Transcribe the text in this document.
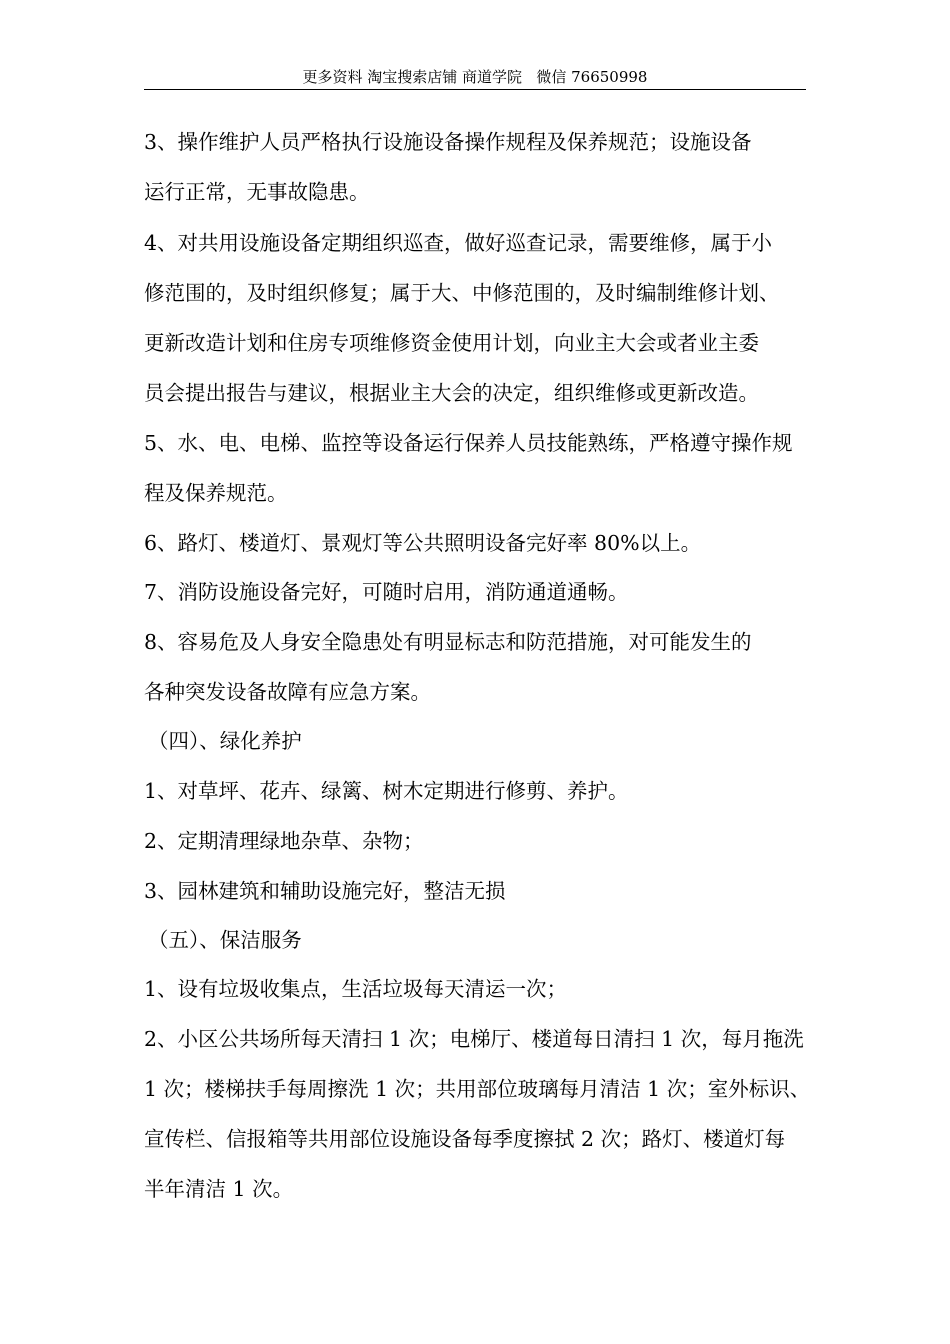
更多资料 淘宝搜索店铺 商道学院   微信 76650998
3、操作维护人员严格执行设施设备操作规程及保养规范；设施设备
运行正常，无事故隐患。
4、对共用设施设备定期组织巡查，做好巡查记录，需要维修，属于小
修范围的，及时组织修复；属于大、中修范围的，及时编制维修计划、
更新改造计划和住房专项维修资金使用计划，向业主大会或者业主委
员会提出报告与建议，根据业主大会的决定，组织维修或更新改造。
5、水、电、电梯、监控等设备运行保养人员技能熟练，严格遵守操作规
程及保养规范。
6、路灯、楼道灯、景观灯等公共照明设备完好率 80%以上。
7、消防设施设备完好，可随时启用，消防通道通畅。
8、容易危及人身安全隐患处有明显标志和防范措施，对可能发生的
各种突发设备故障有应急方案。
（四）、绿化养护
1、对草坪、花卉、绿篱、树木定期进行修剪、养护。
2、定期清理绿地杂草、杂物；
3、园林建筑和辅助设施完好，整洁无损
（五）、保洁服务
1、设有垃圾收集点，生活垃圾每天清运一次；
2、小区公共场所每天清扫 1 次；电梯厅、楼道每日清扫 1 次，每月拖洗
1 次；楼梯扶手每周擦洗 1 次；共用部位玻璃每月清洁 1 次；室外标识、
宣传栏、信报箱等共用部位设施设备每季度擦拭 2 次；路灯、楼道灯每
半年清洁 1 次。
